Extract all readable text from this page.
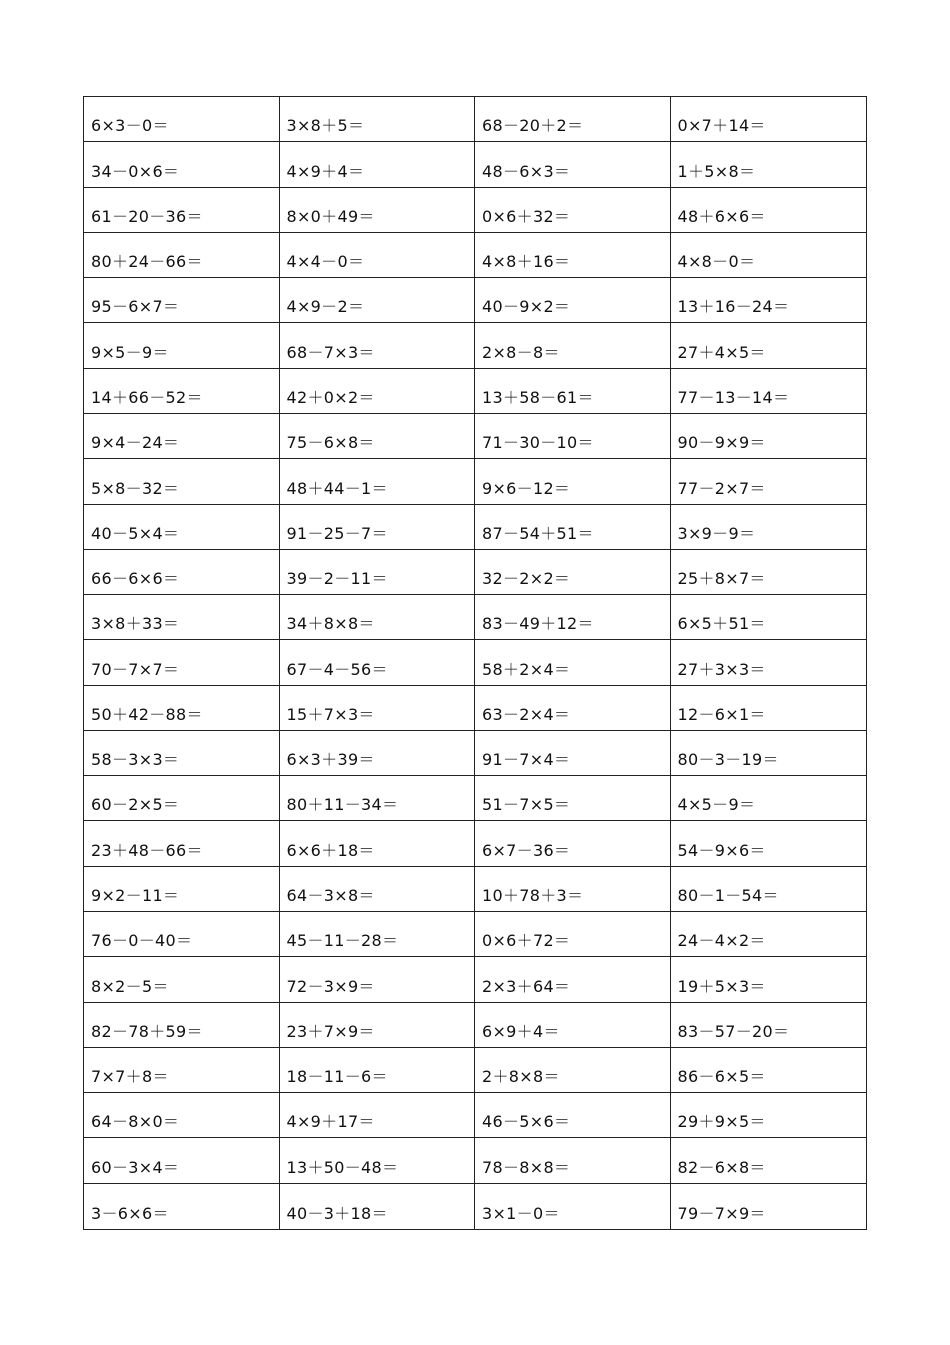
6×3－0＝	3×8＋5＝	68－20＋2＝	0×7＋14＝
34－0×6＝	4×9＋4＝	48－6×3＝	1＋5×8＝
61－20－36＝	8×0＋49＝	0×6＋32＝	48＋6×6＝
80＋24－66＝	4×4－0＝	4×8＋16＝	4×8－0＝
95－6×7＝	4×9－2＝	40－9×2＝	13＋16－24＝
9×5－9＝	68－7×3＝	2×8－8＝	27＋4×5＝
14＋66－52＝	42＋0×2＝	13＋58－61＝	77－13－14＝
9×4－24＝	75－6×8＝	71－30－10＝	90－9×9＝
5×8－32＝	48＋44－1＝	9×6－12＝	77－2×7＝
40－5×4＝	91－25－7＝	87－54＋51＝	3×9－9＝
66－6×6＝	39－2－11＝	32－2×2＝	25＋8×7＝
3×8＋33＝	34＋8×8＝	83－49＋12＝	6×5＋51＝
70－7×7＝	67－4－56＝	58＋2×4＝	27＋3×3＝
50＋42－88＝	15＋7×3＝	63－2×4＝	12－6×1＝
58－3×3＝	6×3＋39＝	91－7×4＝	80－3－19＝
60－2×5＝	80＋11－34＝	51－7×5＝	4×5－9＝
23＋48－66＝	6×6＋18＝	6×7－36＝	54－9×6＝
9×2－11＝	64－3×8＝	10＋78＋3＝	80－1－54＝
76－0－40＝	45－11－28＝	0×6＋72＝	24－4×2＝
8×2－5＝	72－3×9＝	2×3＋64＝	19＋5×3＝
82－78＋59＝	23＋7×9＝	6×9＋4＝	83－57－20＝
7×7＋8＝	18－11－6＝	2＋8×8＝	86－6×5＝
64－8×0＝	4×9＋17＝	46－5×6＝	29＋9×5＝
60－3×4＝	13＋50－48＝	78－8×8＝	82－6×8＝
3－6×6＝	40－3＋18＝	3×1－0＝	79－7×9＝
